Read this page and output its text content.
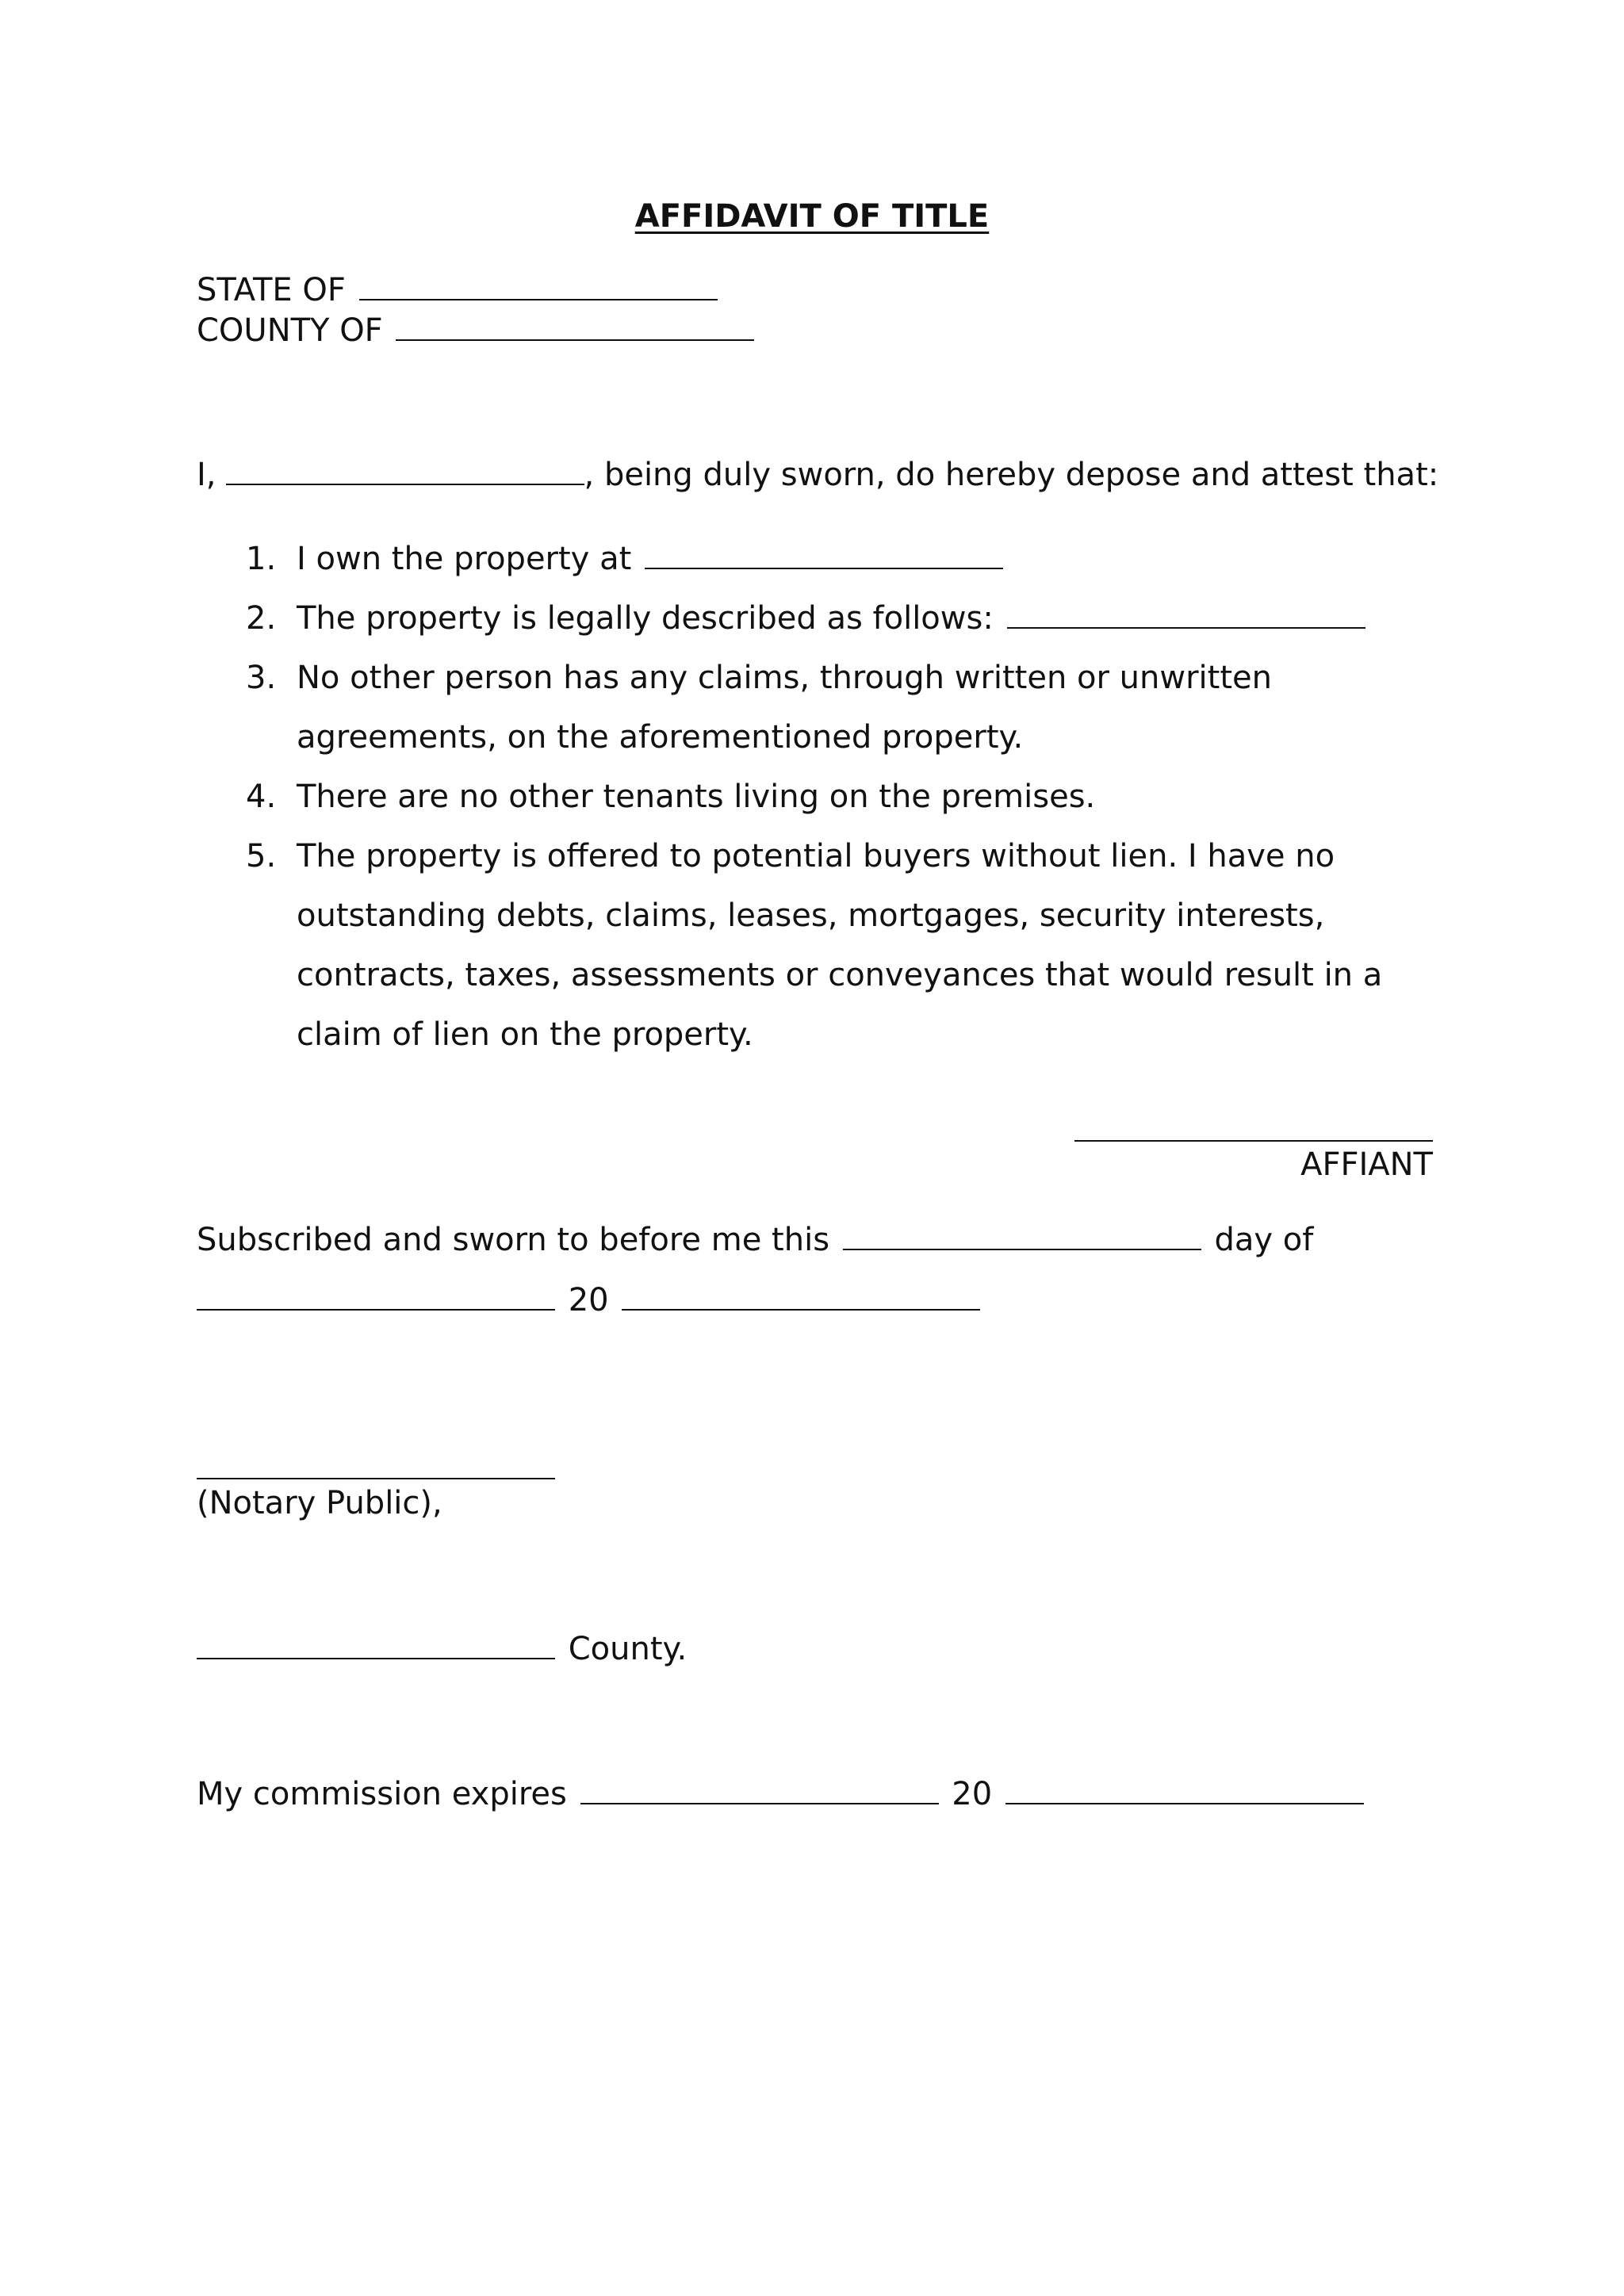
AFFIDAVIT OF TITLE
STATE OF
COUNTY OF
I,	, being duly sworn, do hereby depose and attest that:
1. I own the property at
2. The property is legally described as follows:
3. No other person has any claims, through written or unwritten agreements, on the aforementioned property.
4. There are no other tenants living on the premises.
5. The property is offered to potential buyers without lien. I have no outstanding debts, claims, leases, mortgages, security interests, contracts, taxes, assessments or conveyances that would result in a claim of lien on the property.
AFFIANT
Subscribed and sworn to before me this	day of
20
(Notary Public),
County.
My commission expires	20
